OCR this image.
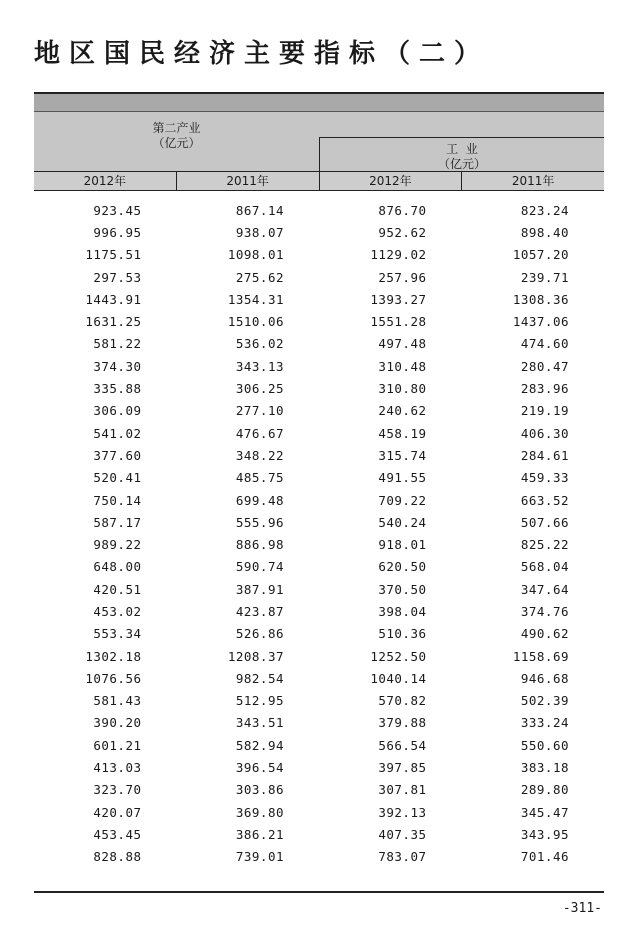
地区国民经济主要指标（二）
第二产业
（亿元）	工  业
（亿元）
2012年	2011年	2012年	2011年
923.45	867.14	876.70	823.24
996.95	938.07	952.62	898.40
1175.51	1098.01	1129.02	1057.20
297.53	275.62	257.96	239.71
1443.91	1354.31	1393.27	1308.36
1631.25	1510.06	1551.28	1437.06
581.22	536.02	497.48	474.60
374.30	343.13	310.48	280.47
335.88	306.25	310.80	283.96
306.09	277.10	240.62	219.19
541.02	476.67	458.19	406.30
377.60	348.22	315.74	284.61
520.41	485.75	491.55	459.33
750.14	699.48	709.22	663.52
587.17	555.96	540.24	507.66
989.22	886.98	918.01	825.22
648.00	590.74	620.50	568.04
420.51	387.91	370.50	347.64
453.02	423.87	398.04	374.76
553.34	526.86	510.36	490.62
1302.18	1208.37	1252.50	1158.69
1076.56	982.54	1040.14	946.68
581.43	512.95	570.82	502.39
390.20	343.51	379.88	333.24
601.21	582.94	566.54	550.60
413.03	396.54	397.85	383.18
323.70	303.86	307.81	289.80
420.07	369.80	392.13	345.47
453.45	386.21	407.35	343.95
828.88	739.01	783.07	701.46
-311-
